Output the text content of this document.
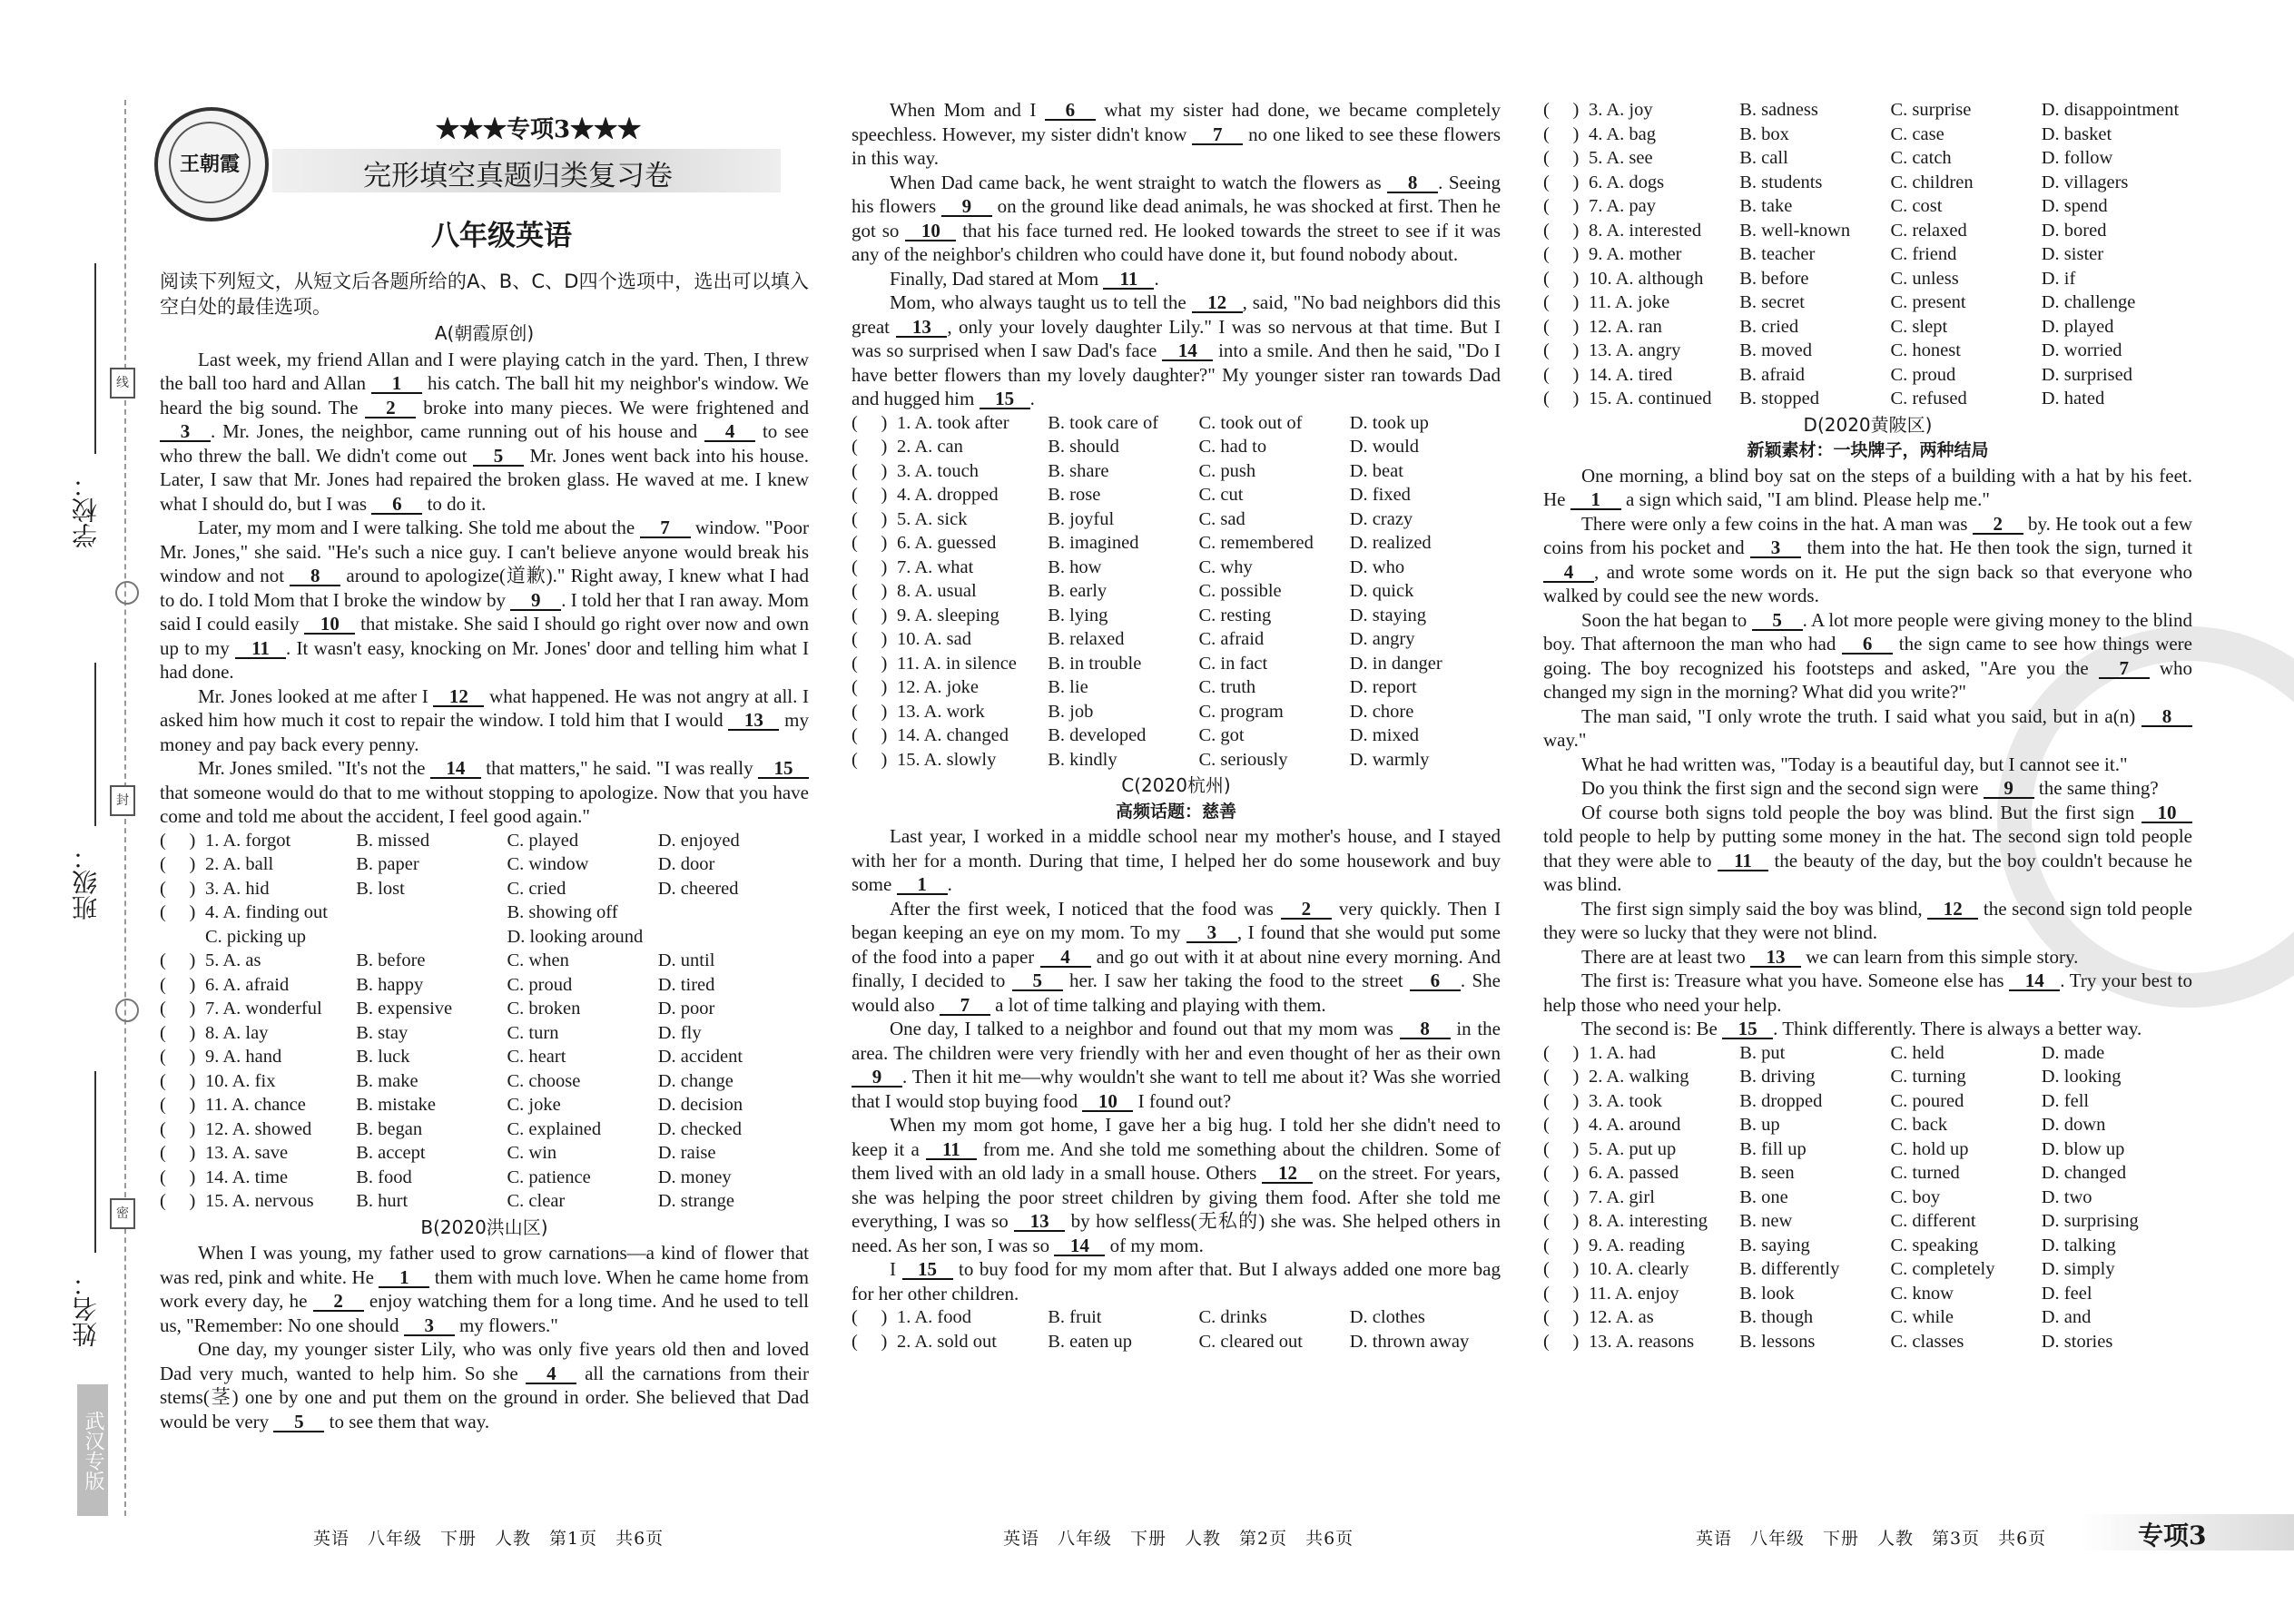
学校：
班级：
姓名：
线
封
密
武汉专版
王朝霞
★★★专项3★★★
完形填空真题归类复习卷
八年级英语
阅读下列短文，从短文后各题所给的A、B、C、D四个选项中，选出可以填入空白处的最佳选项。
A(朝霞原创)

Last week, my friend Allan and I were playing catch in the yard. Then, I threw the ball too hard and Allan 1 his catch. The ball hit my neighbor's window. We heard the big sound. The 2 broke into many pieces. We were frightened and 3 . Mr. Jones, the neighbor, came running out of his house and 4 to see who threw the ball. We didn't come out 5 Mr. Jones went back into his house. Later, I saw that Mr. Jones had repaired the broken glass. He waved at me. I knew what I should do, but I was 6 to do it.

Later, my mom and I were talking. She told me about the 7 window. "Poor Mr. Jones," she said. "He's such a nice guy. I can't believe anyone would break his window and not 8 around to apologize(道歉)." Right away, I knew what I had to do. I told Mom that I broke the window by 9 . I told her that I ran away. Mom said I could easily 10 that mistake. She said I should go right over now and own up to my 11 . It wasn't easy, knocking on Mr. Jones' door and telling him what I had done.

Mr. Jones looked at me after I 12 what happened. He was not angry at all. I asked him how much it cost to repair the window. I told him that I would 13 my money and pay back every penny.

Mr. Jones smiled. "It's not the 14 that matters," he said. "I was really 15 that someone would do that to me without stopping to apologize. Now that you have come and told me about the accident, I feel good again."

(     ) 1. A. forgot	B. missed	C. played	D. enjoyed
(     ) 2. A. ball	B. paper	C. window	D. door
(     ) 3. A. hid	B. lost	C. cried	D. cheered
(     ) 4. A. finding out	B. showing off
C. picking up	D. looking around
(     ) 5. A. as	B. before	C. when	D. until
(     ) 6. A. afraid	B. happy	C. proud	D. tired
(     ) 7. A. wonderful	B. expensive	C. broken	D. poor
(     ) 8. A. lay	B. stay	C. turn	D. fly
(     ) 9. A. hand	B. luck	C. heart	D. accident
(     ) 10. A. fix	B. make	C. choose	D. change
(     ) 11. A. chance	B. mistake	C. joke	D. decision
(     ) 12. A. showed	B. began	C. explained	D. checked
(     ) 13. A. save	B. accept	C. win	D. raise
(     ) 14. A. time	B. food	C. patience	D. money
(     ) 15. A. nervous	B. hurt	C. clear	D. strange
B(2020洪山区)

When I was young, my father used to grow carnations—a kind of flower that was red, pink and white. He 1 them with much love. When he came home from work every day, he 2 enjoy watching them for a long time. And he used to tell us, "Remember: No one should 3 my flowers."

One day, my younger sister Lily, who was only five years old then and loved Dad very much, wanted to help him. So she 4 all the carnations from their stems(茎) one by one and put them on the ground in order. She believed that Dad would be very 5 to see them that way.

When Mom and I 6 what my sister had done, we became completely speechless. However, my sister didn't know 7 no one liked to see these flowers in this way.

When Dad came back, he went straight to watch the flowers as 8 . Seeing his flowers 9 on the ground like dead animals, he was shocked at first. Then he got so 10 that his face turned red. He looked towards the street to see if it was any of the neighbor's children who could have done it, but found nobody about.

Finally, Dad stared at Mom 11 .

Mom, who always taught us to tell the 12 , said, "No bad neighbors did this great 13 , only your lovely daughter Lily." I was so nervous at that time. But I was so surprised when I saw Dad's face 14 into a smile. And then he said, "Do I have better flowers than my lovely daughter?" My younger sister ran towards Dad and hugged him 15 .

(     ) 1. A. took after	B. took care of	C. took out of	D. took up
(     ) 2. A. can	B. should	C. had to	D. would
(     ) 3. A. touch	B. share	C. push	D. beat
(     ) 4. A. dropped	B. rose	C. cut	D. fixed
(     ) 5. A. sick	B. joyful	C. sad	D. crazy
(     ) 6. A. guessed	B. imagined	C. remembered	D. realized
(     ) 7. A. what	B. how	C. why	D. who
(     ) 8. A. usual	B. early	C. possible	D. quick
(     ) 9. A. sleeping	B. lying	C. resting	D. staying
(     ) 10. A. sad	B. relaxed	C. afraid	D. angry
(     ) 11. A. in silence	B. in trouble	C. in fact	D. in danger
(     ) 12. A. joke	B. lie	C. truth	D. report
(     ) 13. A. work	B. job	C. program	D. chore
(     ) 14. A. changed	B. developed	C. got	D. mixed
(     ) 15. A. slowly	B. kindly	C. seriously	D. warmly
C(2020杭州)
高频话题：慈善

Last year, I worked in a middle school near my mother's house, and I stayed with her for a month. During that time, I helped her do some housework and buy some 1 .

After the first week, I noticed that the food was 2 very quickly. Then I began keeping an eye on my mom. To my 3 , I found that she would put some of the food into a paper 4 and go out with it at about nine every morning. And finally, I decided to 5 her. I saw her taking the food to the street 6 . She would also 7 a lot of time talking and playing with them.

One day, I talked to a neighbor and found out that my mom was 8 in the area. The children were very friendly with her and even thought of her as their own 9 . Then it hit me—why wouldn't she want to tell me about it? Was she worried that I would stop buying food 10 I found out?

When my mom got home, I gave her a big hug. I told her she didn't need to keep it a 11 from me. And she told me something about the children. Some of them lived with an old lady in a small house. Others 12 on the street. For years, she was helping the poor street children by giving them food. After she told me everything, I was so 13 by how selfless(无私的) she was. She helped others in need. As her son, I was so 14 of my mom.

I 15 to buy food for my mom after that. But I always added one more bag for her other children.

(     ) 1. A. food	B. fruit	C. drinks	D. clothes
(     ) 2. A. sold out	B. eaten up	C. cleared out	D. thrown away
(     ) 3. A. joy	B. sadness	C. surprise	D. disappointment
(     ) 4. A. bag	B. box	C. case	D. basket
(     ) 5. A. see	B. call	C. catch	D. follow
(     ) 6. A. dogs	B. students	C. children	D. villagers
(     ) 7. A. pay	B. take	C. cost	D. spend
(     ) 8. A. interested	B. well-known	C. relaxed	D. bored
(     ) 9. A. mother	B. teacher	C. friend	D. sister
(     ) 10. A. although	B. before	C. unless	D. if
(     ) 11. A. joke	B. secret	C. present	D. challenge
(     ) 12. A. ran	B. cried	C. slept	D. played
(     ) 13. A. angry	B. moved	C. honest	D. worried
(     ) 14. A. tired	B. afraid	C. proud	D. surprised
(     ) 15. A. continued	B. stopped	C. refused	D. hated
D(2020黄陂区)
新颖素材：一块牌子，两种结局

One morning, a blind boy sat on the steps of a building with a hat by his feet. He 1 a sign which said, "I am blind. Please help me."

There were only a few coins in the hat. A man was 2 by. He took out a few coins from his pocket and 3 them into the hat. He then took the sign, turned it 4 , and wrote some words on it. He put the sign back so that everyone who walked by could see the new words.

Soon the hat began to 5 . A lot more people were giving money to the blind boy. That afternoon the man who had 6 the sign came to see how things were going. The boy recognized his footsteps and asked, "Are you the 7 who changed my sign in the morning? What did you write?"

The man said, "I only wrote the truth. I said what you said, but in a(n) 8 way."

What he had written was, "Today is a beautiful day, but I cannot see it."

Do you think the first sign and the second sign were 9 the same thing?

Of course both signs told people the boy was blind. But the first sign 10 told people to help by putting some money in the hat. The second sign told people that they were able to 11 the beauty of the day, but the boy couldn't because he was blind.

The first sign simply said the boy was blind, 12 the second sign told people they were so lucky that they were not blind.

There are at least two 13 we can learn from this simple story.

The first is: Treasure what you have. Someone else has 14 . Try your best to help those who need your help.

The second is: Be 15 . Think differently. There is always a better way.

(     ) 1. A. had	B. put	C. held	D. made
(     ) 2. A. walking	B. driving	C. turning	D. looking
(     ) 3. A. took	B. dropped	C. poured	D. fell
(     ) 4. A. around	B. up	C. back	D. down
(     ) 5. A. put up	B. fill up	C. hold up	D. blow up
(     ) 6. A. passed	B. seen	C. turned	D. changed
(     ) 7. A. girl	B. one	C. boy	D. two
(     ) 8. A. interesting	B. new	C. different	D. surprising
(     ) 9. A. reading	B. saying	C. speaking	D. talking
(     ) 10. A. clearly	B. differently	C. completely	D. simply
(     ) 11. A. enjoy	B. look	C. know	D. feel
(     ) 12. A. as	B. though	C. while	D. and
(     ) 13. A. reasons	B. lessons	C. classes	D. stories
英语　八年级　下册　人教　第1页　共6页	英语　八年级　下册　人教　第2页　共6页	英语　八年级　下册　人教　第3页　共6页	专项3
